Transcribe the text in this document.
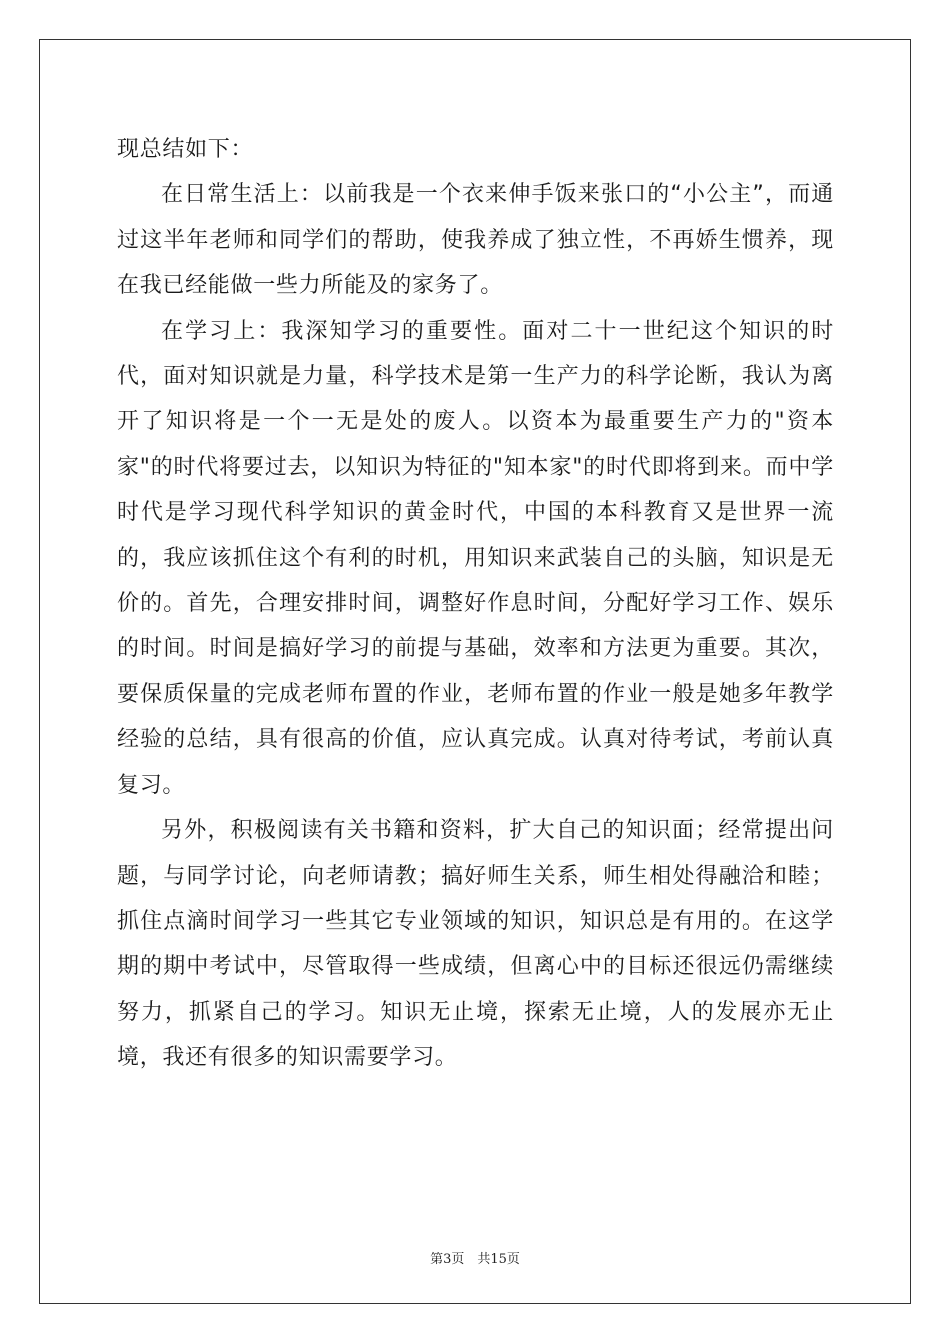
现总结如下：

在日常生活上：以前我是一个衣来伸手饭来张口的“小公主”，而通过这半年老师和同学们的帮助，使我养成了独立性，不再娇生惯养，现在我已经能做一些力所能及的家务了。

在学习上：我深知学习的重要性。面对二十一世纪这个知识的时代，面对知识就是力量，科学技术是第一生产力的科学论断，我认为离开了知识将是一个一无是处的废人。以资本为最重要生产力的"资本家"的时代将要过去，以知识为特征的"知本家"的时代即将到来。而中学时代是学习现代科学知识的黄金时代，中国的本科教育又是世界一流的，我应该抓住这个有利的时机，用知识来武装自己的头脑，知识是无价的。首先，合理安排时间，调整好作息时间，分配好学习工作、娱乐的时间。时间是搞好学习的前提与基础，效率和方法更为重要。其次，要保质保量的完成老师布置的作业，老师布置的作业一般是她多年教学经验的总结，具有很高的价值，应认真完成。认真对待考试，考前认真复习。

另外，积极阅读有关书籍和资料，扩大自己的知识面；经常提出问题，与同学讨论，向老师请教；搞好师生关系，师生相处得融洽和睦；抓住点滴时间学习一些其它专业领域的知识，知识总是有用的。在这学期的期中考试中，尽管取得一些成绩，但离心中的目标还很远仍需继续努力，抓紧自己的学习。知识无止境，探索无止境，人的发展亦无止境，我还有很多的知识需要学习。

第3页　共15页
